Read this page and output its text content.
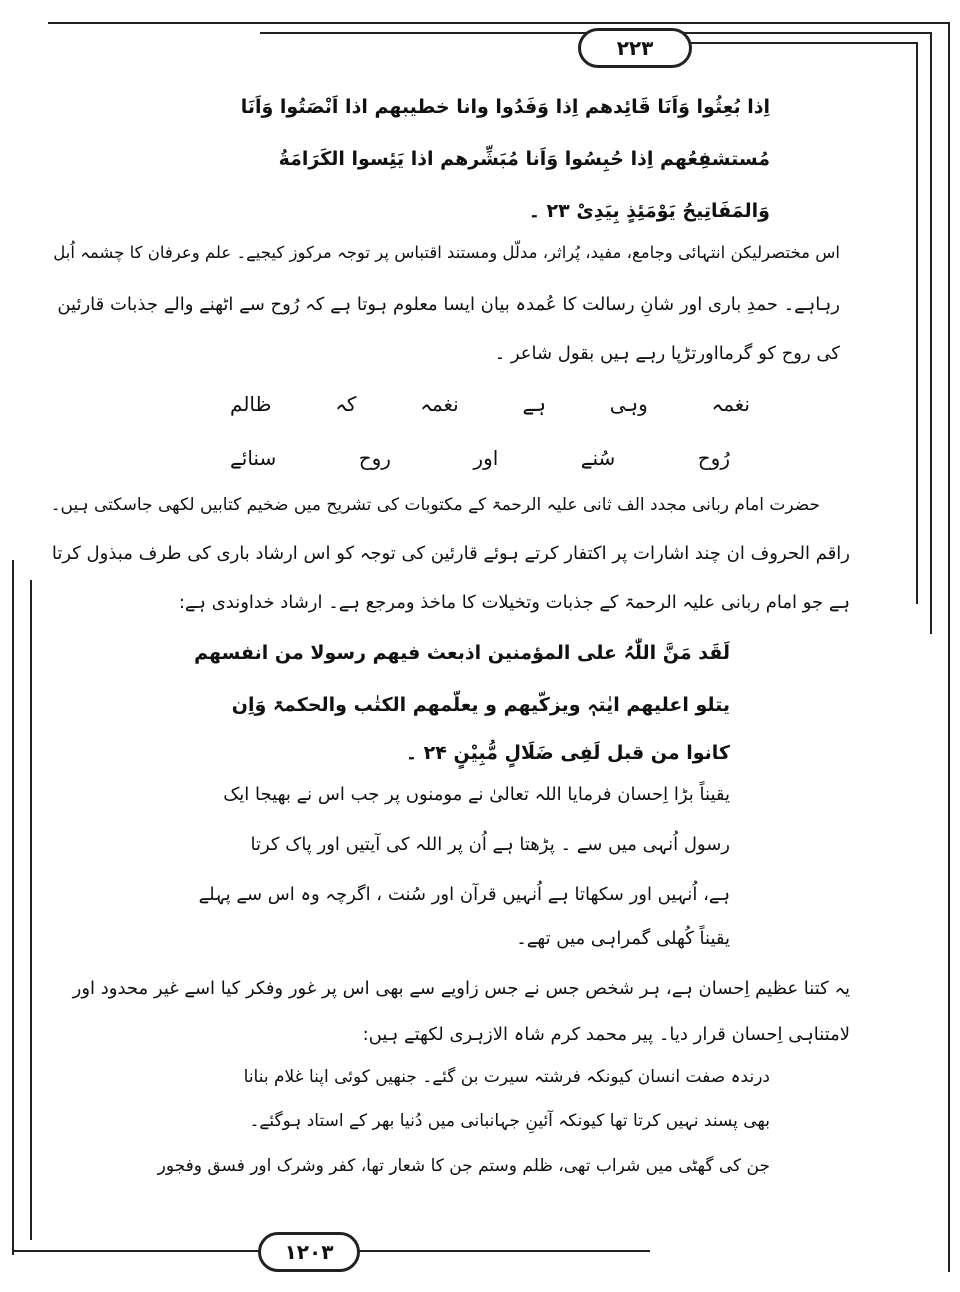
۲۲۳
اِذا بُعِثُوا وَاَنَا قَائِدهم اِذا وَفَدُوا وانا خطيبهم اذا اَنْصَتُوا وَاَنَا
مُستشفِعُهم اِذا حُبِسُوا وَاَنا مُبَشِّرهم اذا يَئِسوا الكَرَامَةُ
وَالمَفَاتِيحُ يَوْمَئِذٍ بِيَدِىْ ۲۳ ۔
اس مختصرلیکن انتہائی وجامع، مفید، پُراثر، مدلّل ومستند اقتباس پر توجہ مرکوز کیجیے۔ علم وعرفان کا چشمہ اُبل
رہاہے۔ حمدِ باری اور شانِ رسالت کا عُمدہ بیان ایسا معلوم ہوتا ہے کہ رُوح سے اٹھنے والے جذبات قارئین
کی روح کو گرمااورتڑپا رہے ہیں بقول شاعر ۔
نغمہ
وہی
ہے
نغمہ
کہ
ظالم
رُوح
سُنے
اور
روح
سنائے
حضرت امام ربانی مجدد الف ثانی علیہ الرحمۃ کے مکتوبات کی تشریح میں ضخیم کتابیں لکھی جاسکتی ہیں۔
راقم الحروف ان چند اشارات پر اکتفار کرتے ہوئے قارئین کی توجہ کو اس ارشاد باری کی طرف مبذول کرتا
ہے جو امام ربانی علیہ الرحمۃ کے جذبات وتخیلات کا ماخذ ومرجع ہے۔ ارشاد خداوندی ہے:
لَقَد مَنَّ اللّٰہُ علی المؤمنین اذبعث فیھم رسولا من انفسھم
یتلو اعلیھم ایٰتہٖ ویزکّیھم و یعلّمھم الکتٰب والحکمۃ وَاِن
کانوا من قبل لَفِی ضَلَالٍ مُّبِیْنٍ ۲۴ ۔
یقیناً بڑا اِحسان فرمایا اللہ تعالیٰ نے مومنوں پر جب اس نے بھیجا ایک
رسول اُنہی میں سے ۔ پڑھتا ہے اُن پر اللہ کی آیتیں اور پاک کرتا
ہے، اُنہیں اور سکھاتا ہے اُنہیں قرآن اور سُنت ، اگرچہ وہ اس سے پہلے
یقیناً کُھلی گمراہی میں تھے۔
یہ کتنا عظیم اِحسان ہے، ہر شخص جس نے جس زاویے سے بھی اس پر غور وفکر کیا اسے غیر محدود اور
لامتناہی اِحسان قرار دیا۔ پیر محمد کرم شاہ الازہری لکھتے ہیں:
درندہ صفت انسان کیونکہ فرشتہ سیرت بن گئے۔ جنھیں کوئی اپنا غلام بنانا
بھی پسند نہیں کرتا تھا کیونکہ آئینِ جہانبانی میں دُنیا بھر کے استاد ہوگئے۔
جن کی گھٹی میں شراب تھی، ظلم وستم جن کا شعار تھا، کفر وشرک اور فسق وفجور
۱۲۰۳
